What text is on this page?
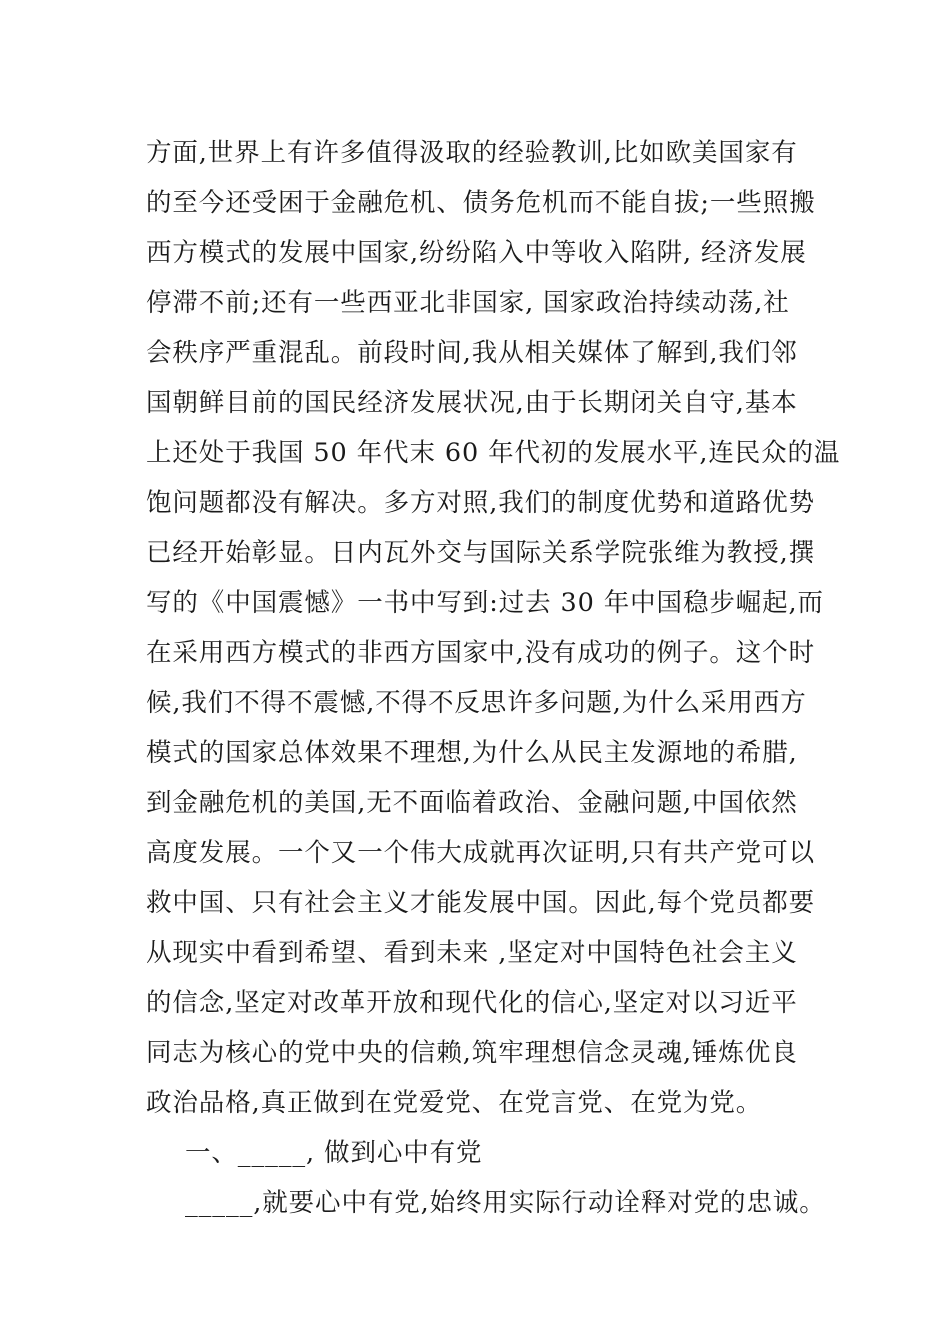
方面,世界上有许多值得汲取的经验教训,比如欧美国家有
的至今还受困于金融危机、债务危机而不能自拔;一些照搬
西方模式的发展中国家,纷纷陷入中等收入陷阱, 经济发展
停滞不前;还有一些西亚北非国家, 国家政治持续动荡,社
会秩序严重混乱。前段时间,我从相关媒体了解到,我们邻
国朝鲜目前的国民经济发展状况,由于长期闭关自守,基本
上还处于我国 50 年代末 60 年代初的发展水平,连民众的温
饱问题都没有解决。多方对照,我们的制度优势和道路优势
已经开始彰显。日内瓦外交与国际关系学院张维为教授,撰
写的《中国震憾》一书中写到:过去 30 年中国稳步崛起,而
在采用西方模式的非西方国家中,没有成功的例子。这个时
候,我们不得不震憾,不得不反思许多问题,为什么采用西方
模式的国家总体效果不理想,为什么从民主发源地的希腊,
到金融危机的美国,无不面临着政治、金融问题,中国依然
高度发展。一个又一个伟大成就再次证明,只有共产党可以
救中国、只有社会主义才能发展中国。因此,每个党员都要
从现实中看到希望、看到未来 ,坚定对中国特色社会主义
的信念,坚定对改革开放和现代化的信心,坚定对以习近平
同志为核心的党中央的信赖,筑牢理想信念灵魂,锤炼优良
政治品格,真正做到在党爱党、在党言党、在党为党。
一、_____, 做到心中有党
_____,就要心中有党,始终用实际行动诠释对党的忠诚。
